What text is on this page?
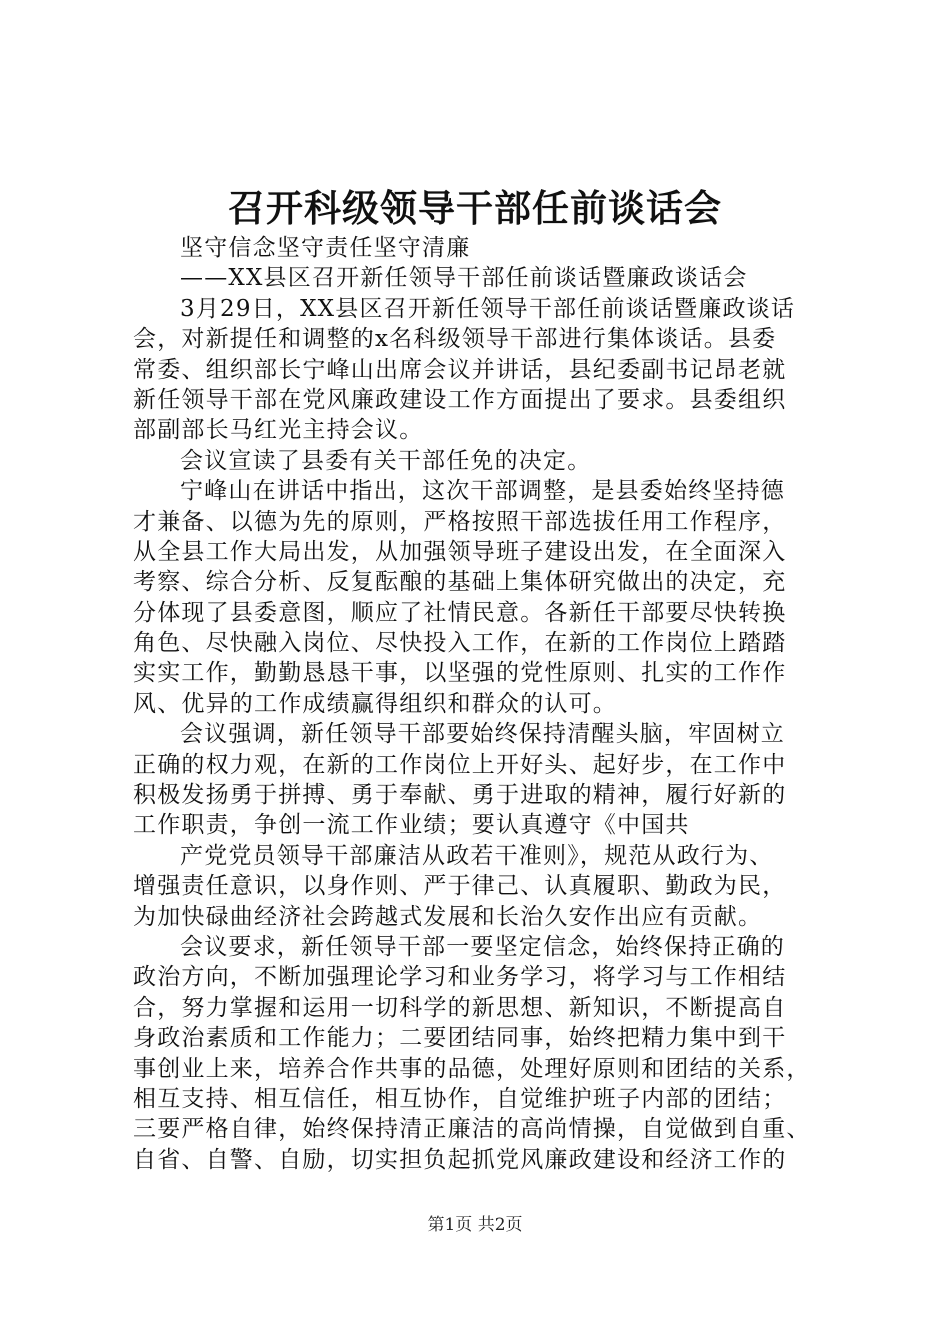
召开科级领导干部任前谈话会
坚守信念坚守责任坚守清廉
——XX县区召开新任领导干部任前谈话暨廉政谈话会
3月29日，XX县区召开新任领导干部任前谈话暨廉政谈话
会，对新提任和调整的x名科级领导干部进行集体谈话。县委
常委、组织部长宁峰山出席会议并讲话，县纪委副书记昂老就
新任领导干部在党风廉政建设工作方面提出了要求。县委组织
部副部长马红光主持会议。
会议宣读了县委有关干部任免的决定。
宁峰山在讲话中指出，这次干部调整，是县委始终坚持德
才兼备、以德为先的原则，严格按照干部选拔任用工作程序，
从全县工作大局出发，从加强领导班子建设出发，在全面深入
考察、综合分析、反复酝酿的基础上集体研究做出的决定，充
分体现了县委意图，顺应了社情民意。各新任干部要尽快转换
角色、尽快融入岗位、尽快投入工作，在新的工作岗位上踏踏
实实工作，勤勤恳恳干事，以坚强的党性原则、扎实的工作作
风、优异的工作成绩赢得组织和群众的认可。
会议强调，新任领导干部要始终保持清醒头脑，牢固树立
正确的权力观，在新的工作岗位上开好头、起好步，在工作中
积极发扬勇于拼搏、勇于奉献、勇于进取的精神，履行好新的
工作职责，争创一流工作业绩；要认真遵守《中国共
产党党员领导干部廉洁从政若干准则》，规范从政行为、
增强责任意识，以身作则、严于律己、认真履职、勤政为民，
为加快碌曲经济社会跨越式发展和长治久安作出应有贡献。
会议要求，新任领导干部一要坚定信念，始终保持正确的
政治方向，不断加强理论学习和业务学习，将学习与工作相结
合，努力掌握和运用一切科学的新思想、新知识，不断提高自
身政治素质和工作能力；二要团结同事，始终把精力集中到干
事创业上来，培养合作共事的品德，处理好原则和团结的关系，
相互支持、相互信任，相互协作，自觉维护班子内部的团结；
三要严格自律，始终保持清正廉洁的高尚情操，自觉做到自重、
自省、自警、自励，切实担负起抓党风廉政建设和经济工作的
第1页 共2页
